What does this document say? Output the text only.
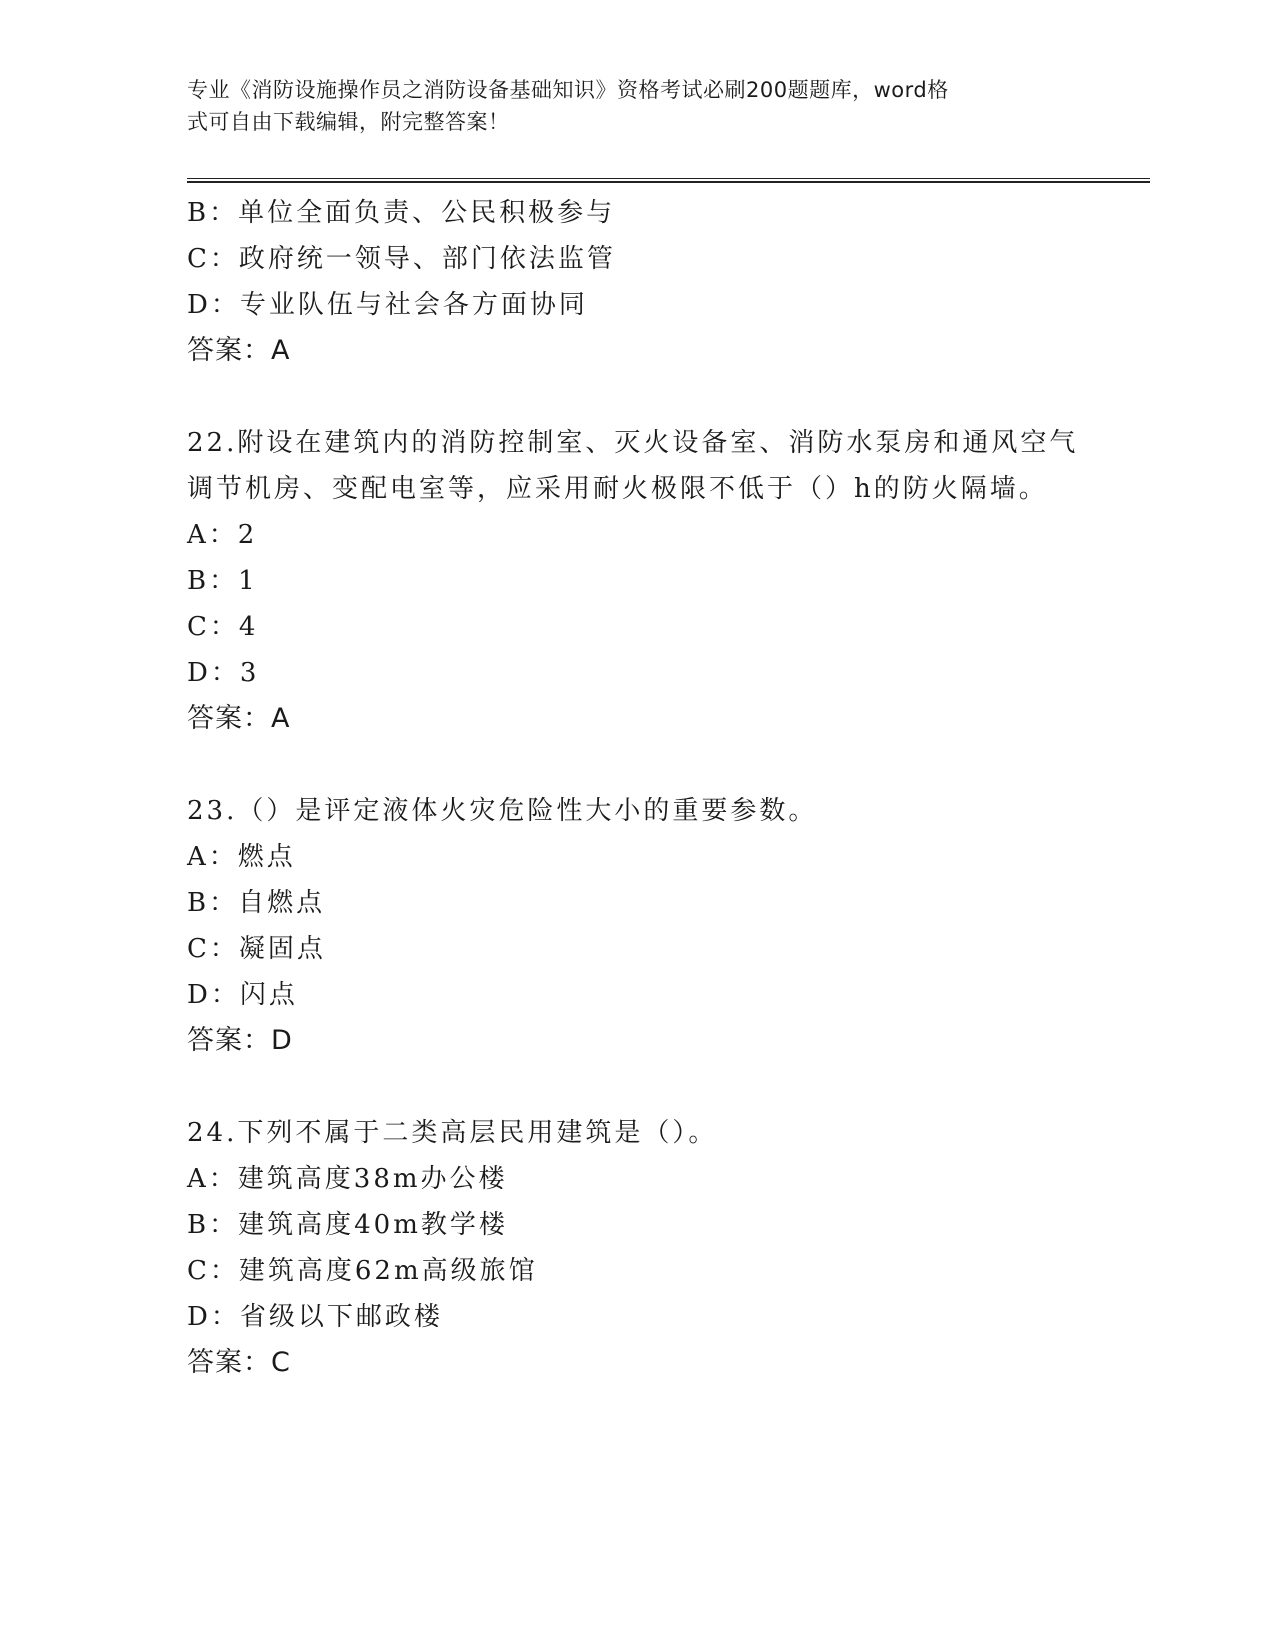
专业《消防设施操作员之消防设备基础知识》资格考试必刷200题题库，word格
式可自由下载编辑，附完整答案！
B：单位全面负责、公民积极参与
C：政府统一领导、部门依法监管
D：专业队伍与社会各方面协同
答案：A
22.附设在建筑内的消防控制室、灭火设备室、消防水泵房和通风空气
调节机房、变配电室等，应采用耐火极限不低于（）h的防火隔墙。
A：2
B：1
C：4
D：3
答案：A
23.（）是评定液体火灾危险性大小的重要参数。
A：燃点
B：自燃点
C：凝固点
D：闪点
答案：D
24.下列不属于二类高层民用建筑是（）。
A：建筑高度38m办公楼
B：建筑高度40m教学楼
C：建筑高度62m高级旅馆
D：省级以下邮政楼
答案：C
